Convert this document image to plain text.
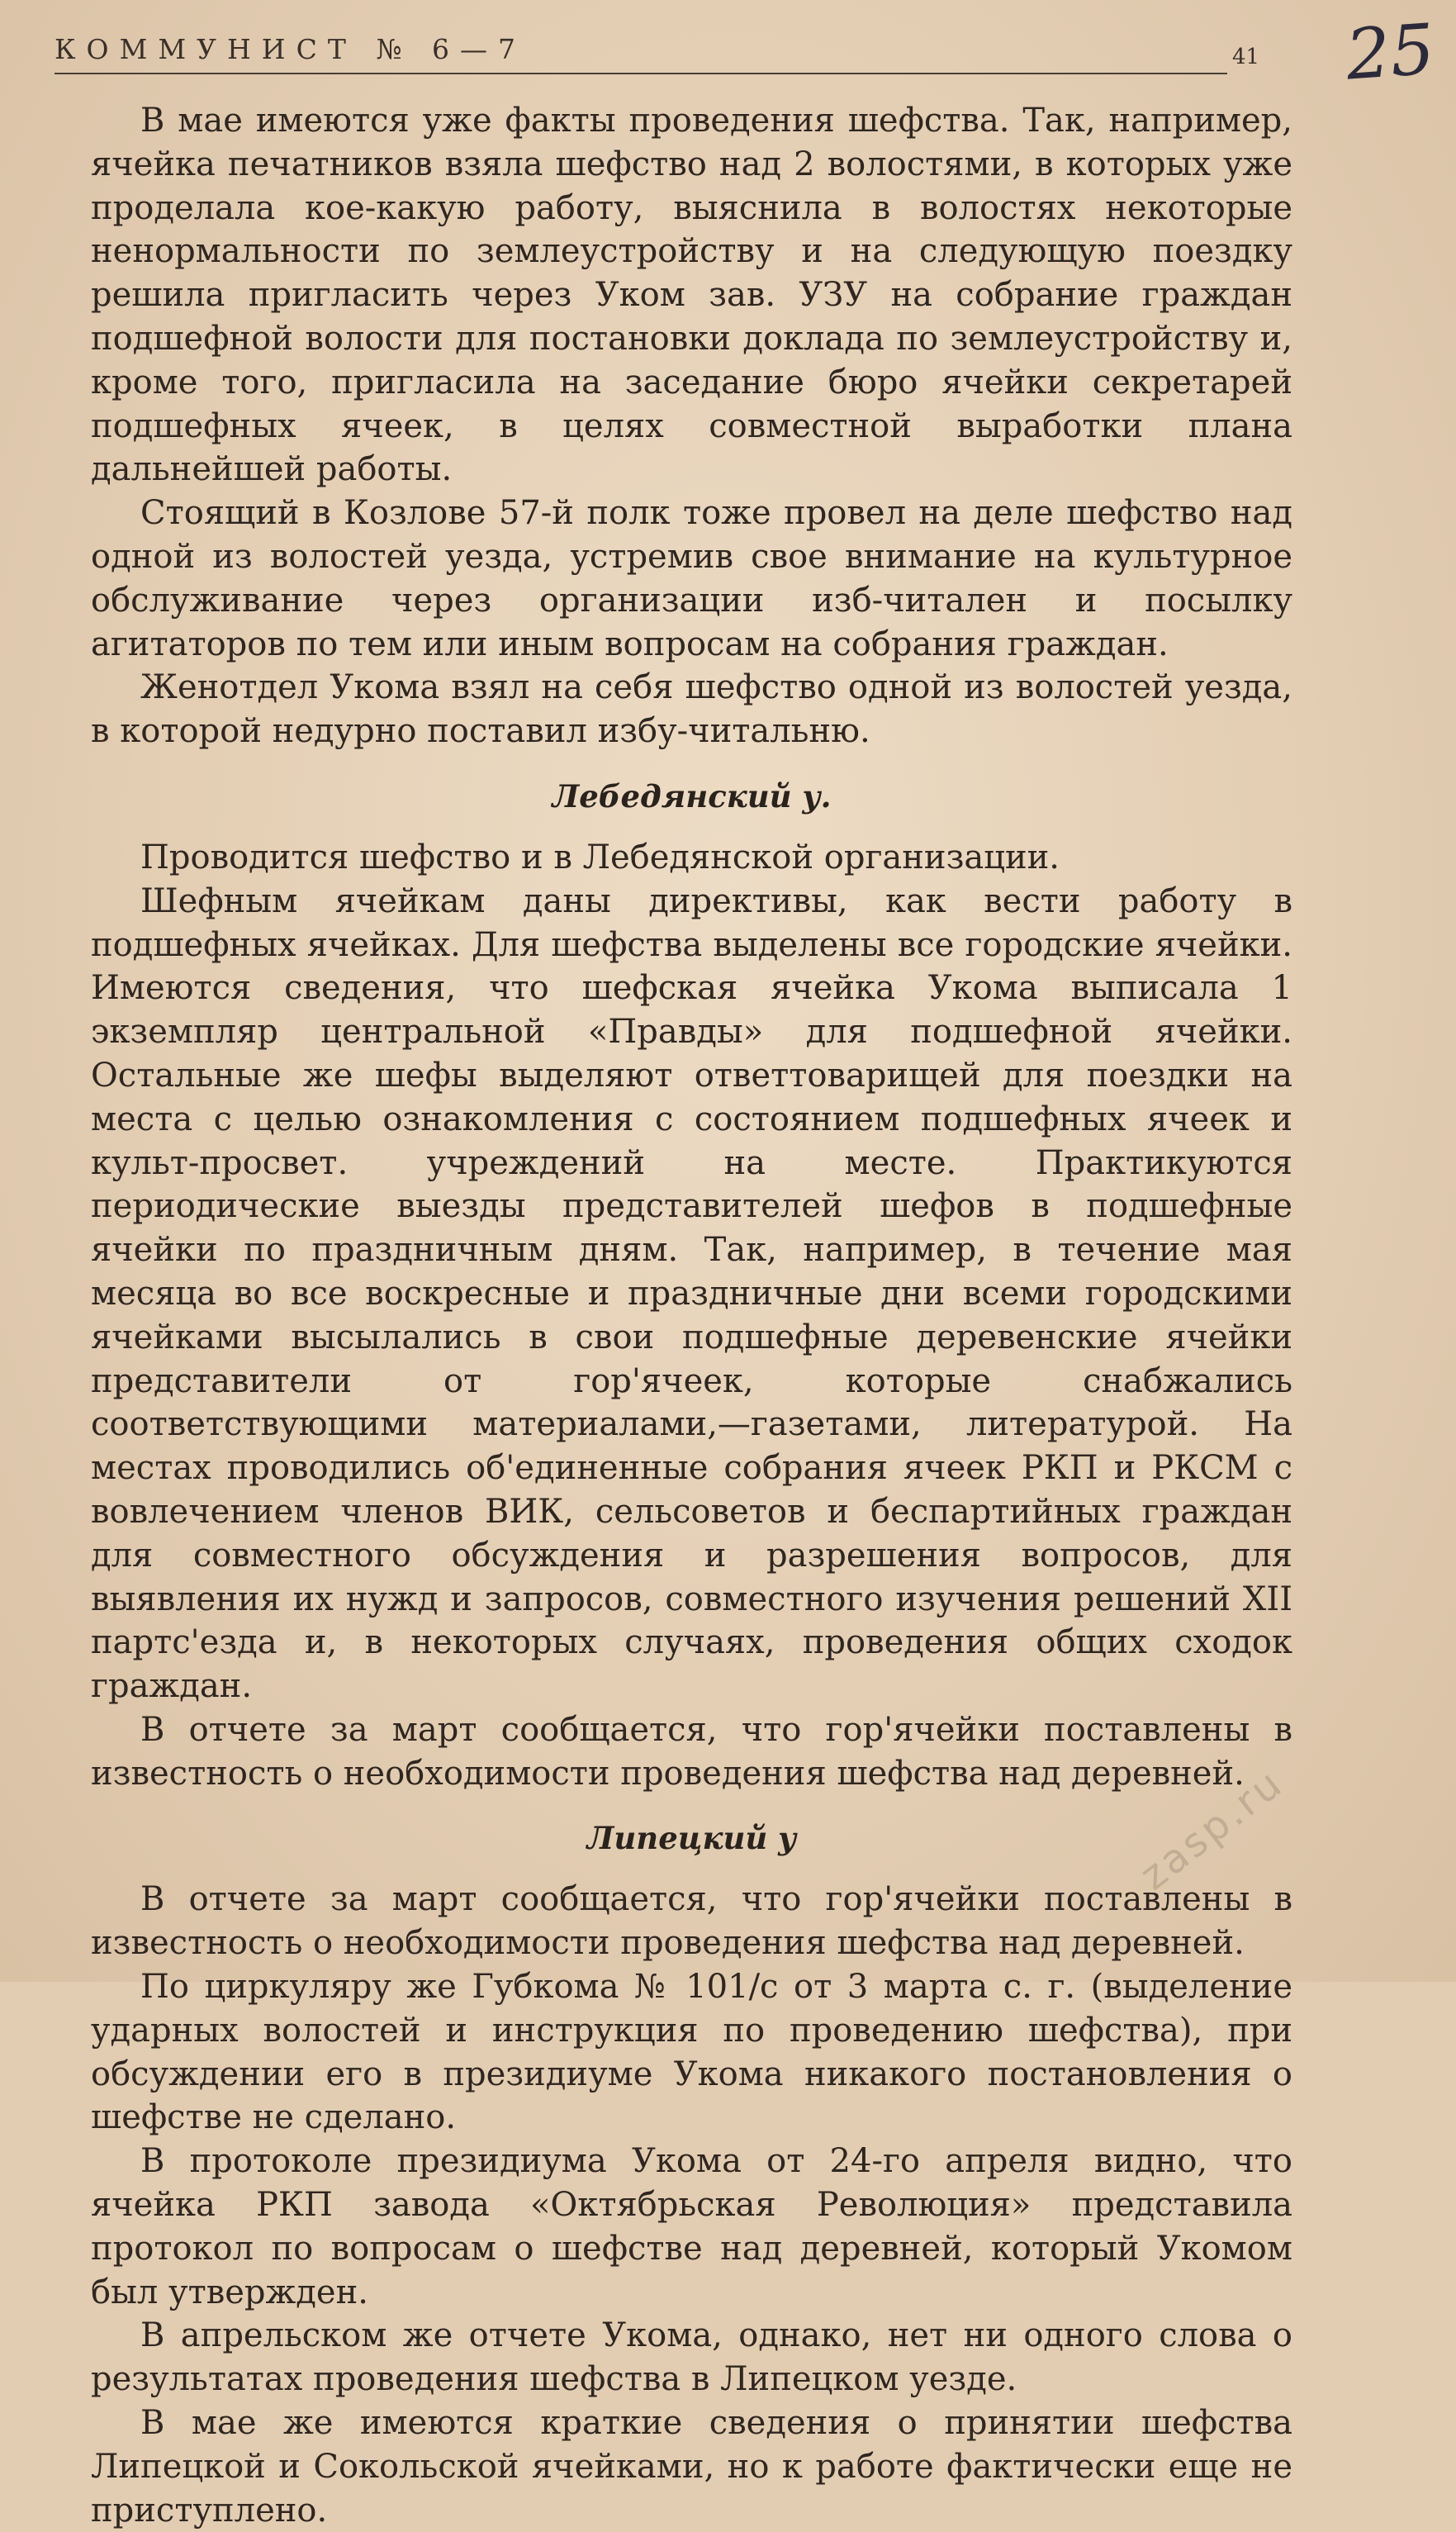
КОММУНИСТ № 6—7	41 25

В мае имеются уже факты проведения шефства. Так, например, ячейка печатников взяла шефство над 2 волостями, в которых уже проделала кое-какую работу, выяснила в волостях некоторые ненормальности по землеустройству и на следующую поездку решила пригласить через Уком зав. УЗУ на собрание граждан подшефной волости для постановки доклада по землеустройству и, кроме того, пригласила на заседание бюро ячейки секретарей подшефных ячеек, в целях совместной выработки плана дальнейшей работы.

Стоящий в Козлове 57-й полк тоже провел на деле шефство над одной из волостей уезда, устремив свое внимание на культурное обслуживание через организации изб-читален и посылку агитаторов по тем или иным вопросам на собрания граждан.

Женотдел Укома взял на себя шефство одной из волостей уезда, в которой недурно поставил избу-читальню.

Лебедянский у.

Проводится шефство и в Лебедянской организации.

Шефным ячейкам даны директивы, как вести работу в подшефных ячейках. Для шефства выделены все городские ячейки. Имеются сведения, что шефская ячейка Укома выписала 1 экземпляр центральной «Правды» для подшефной ячейки. Остальные же шефы выделяют ответтоварищей для поездки на места с целью ознакомления с состоянием подшефных ячеек и культ-просвет. учреждений на месте. Практикуются периодические выезды представителей шефов в подшефные ячейки по праздничным дням. Так, например, в течение мая месяца во все воскресные и праздничные дни всеми городскими ячейками высылались в свои подшефные деревенские ячейки представители от гор'ячеек, которые снабжались соответствующими материалами,—газетами, литературой. На местах проводились об'единенные собрания ячеек РКП и РКСМ с вовлечением членов ВИК, сельсоветов и беспартийных граждан для совместного обсуждения и разрешения вопросов, для выявления их нужд и запросов, совместного изучения решений XII партс'езда и, в некоторых случаях, проведения общих сходок граждан.

В отчете за март сообщается, что гор'ячейки поставлены в известность о необходимости проведения шефства над деревней.

Липецкий у

В отчете за март сообщается, что гор'ячейки поставлены в известность о необходимости проведения шефства над деревней.

По циркуляру же Губкома № 101/с от 3 марта с. г. (выделение ударных волостей и инструкция по проведению шефства), при обсуждении его в президиуме Укома никакого постановления о шефстве не сделано.

В протоколе президиума Укома от 24-го апреля видно, что ячейка РКП завода «Октябрьская Революция» представила протокол по вопросам о шефстве над деревней, который Укомом был утвержден.

В апрельском же отчете Укома, однако, нет ни одного слова о результатах проведения шефства в Липецком уезде.

В мае же имеются краткие сведения о принятии шефства Липецкой и Сокольской ячейками, но к работе фактически еще не приступлено.

zasp.ru
